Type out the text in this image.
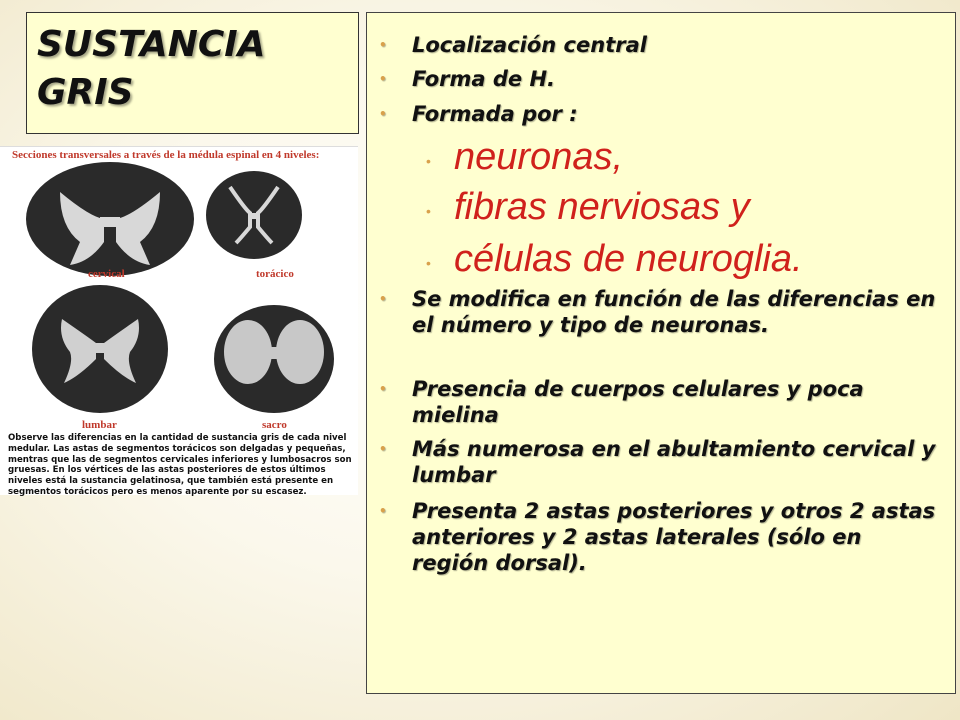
SUSTANCIA
GRIS
Secciones transversales a través de la médula espinal en 4 niveles:
cervical	torácico
lumbar	sacro
Observe las diferencias en la cantidad de sustancia gris de cada nivel medular. Las astas de segmentos torácicos son delgadas y pequeñas, mentras que las de segmentos cervicales inferiores y lumbosacros son gruesas. En los vértices de las astas posteriores de estos últimos niveles está la sustancia gelatinosa, que también está presente en segmentos torácicos pero es menos aparente por su escasez.
• Localización central
• Forma de H.
• Formada por :
• neuronas,
• fibras nerviosas y
• células de neuroglia.
• Se modifica en función de las diferencias en el número y tipo de neuronas.
• Presencia de cuerpos celulares y poca mielina
• Más numerosa en el abultamiento cervical y lumbar
• Presenta 2 astas posteriores y otros 2 astas anteriores y 2 astas laterales (sólo en región dorsal).
